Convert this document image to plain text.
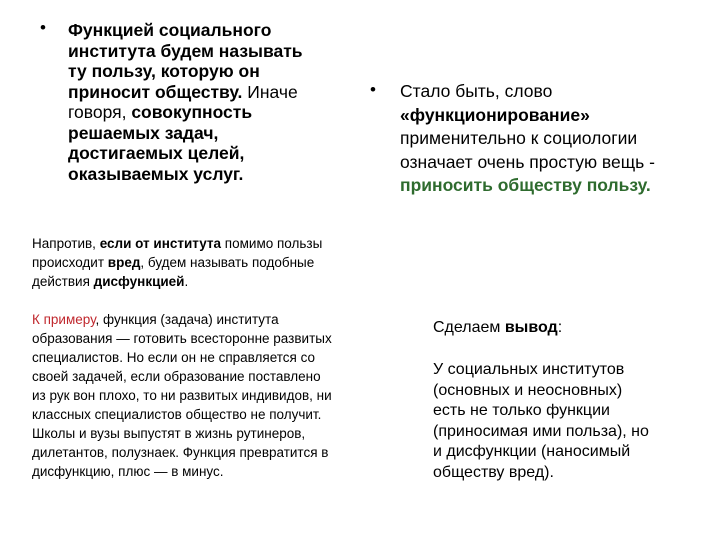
•
•
Функцией социального
института будем называть
ту пользу, которую он
приносит обществу. Иначе
говоря, совокупность
решаемых задач,
достигаемых целей,
оказываемых услуг.
Стало быть, слово
«функционирование»
применительно к социологии
означает очень простую вещь -
приносить обществу пользу.
Напротив, если от института помимо пользы
происходит вред, будем называть подобные
действия дисфункцией.
К примеру, функция (задача) института
образования — готовить всесторонне развитых
специалистов. Но если он не справляется со
своей задачей, если образование поставлено
из рук вон плохо, то ни развитых индивидов, ни
классных специалистов общество не получит.
Школы и вузы выпустят в жизнь рутинеров,
дилетантов, полузнаек. Функция превратится в
дисфункцию, плюс — в минус.
Сделаем вывод:
У социальных институтов
(основных и неосновных)
есть не только функции
(приносимая ими польза), но
и дисфункции (наносимый
обществу вред).
